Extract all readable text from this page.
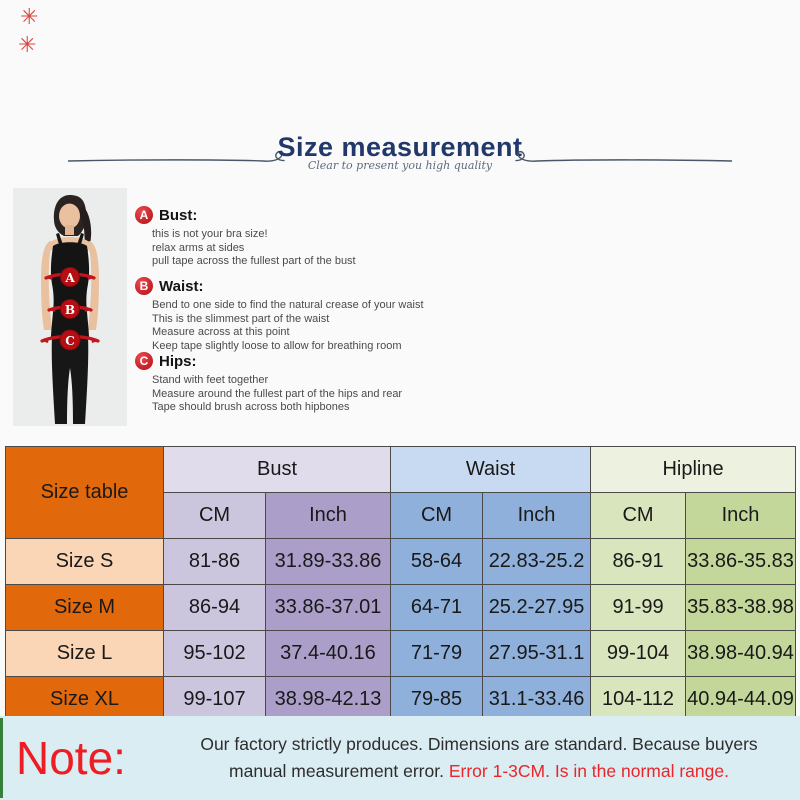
✳
✳
Size measurement
Clear to present you high quality
A
B
C
A Bust:
this is not your bra size!
relax arms at sides
pull tape across the fullest part of the bust
B Waist:
Bend to one side to find the natural crease of your waist
This is the slimmest part of the waist
Measure across at this point
Keep tape slightly loose to allow for breathing room
C Hips:
Stand with feet together
Measure around the fullest part of the hips and rear
Tape should brush across both hipbones
Size table	Bust		Waist		Hipline	
	CM	Inch	CM	Inch	CM	Inch
Size S	81-86	31.89-33.86	58-64	22.83-25.2	86-91	33.86-35.83
Size M	86-94	33.86-37.01	64-71	25.2-27.95	91-99	35.83-38.98
Size L	95-102	37.4-40.16	71-79	27.95-31.1	99-104	38.98-40.94
Size XL	99-107	38.98-42.13	79-85	31.1-33.46	104-112	40.94-44.09
Note:	Our factory strictly produces. Dimensions are standard. Because buyers
manual measurement error. Error 1-3CM. Is in the normal range.
